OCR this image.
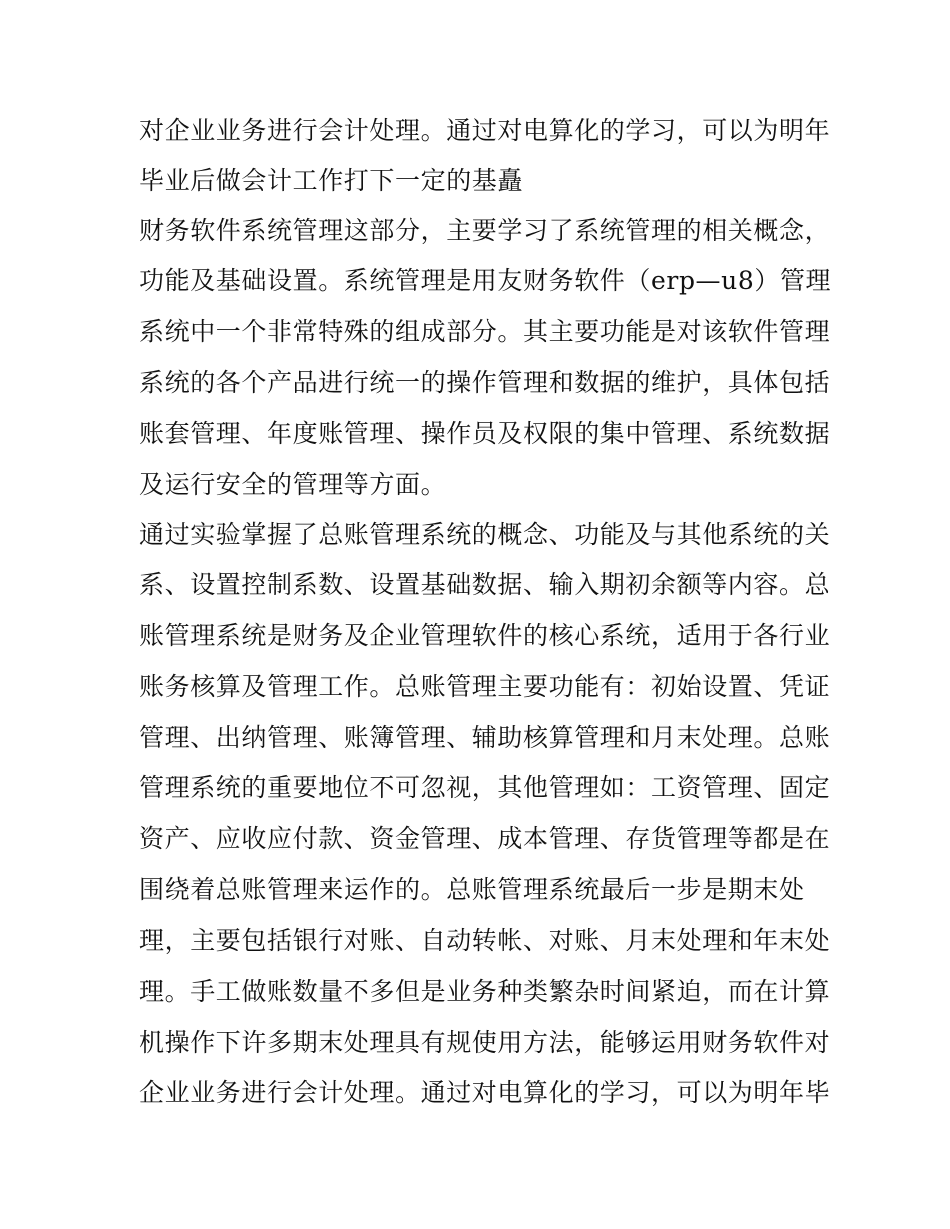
对企业业务进行会计处理。通过对电算化的学习，可以为明年
毕业后做会计工作打下一定的基矗
财务软件系统管理这部分，主要学习了系统管理的相关概念，
功能及基础设置。系统管理是用友财务软件（erp—u8）管理
系统中一个非常特殊的组成部分。其主要功能是对该软件管理
系统的各个产品进行统一的操作管理和数据的维护，具体包括
账套管理、年度账管理、操作员及权限的集中管理、系统数据
及运行安全的管理等方面。
通过实验掌握了总账管理系统的概念、功能及与其他系统的关
系、设置控制系数、设置基础数据、输入期初余额等内容。总
账管理系统是财务及企业管理软件的核心系统，适用于各行业
账务核算及管理工作。总账管理主要功能有：初始设置、凭证
管理、出纳管理、账簿管理、辅助核算管理和月末处理。总账
管理系统的重要地位不可忽视，其他管理如：工资管理、固定
资产、应收应付款、资金管理、成本管理、存货管理等都是在
围绕着总账管理来运作的。总账管理系统最后一步是期末处
理，主要包括银行对账、自动转帐、对账、月末处理和年末处
理。手工做账数量不多但是业务种类繁杂时间紧迫，而在计算
机操作下许多期末处理具有规使用方法，能够运用财务软件对
企业业务进行会计处理。通过对电算化的学习，可以为明年毕
